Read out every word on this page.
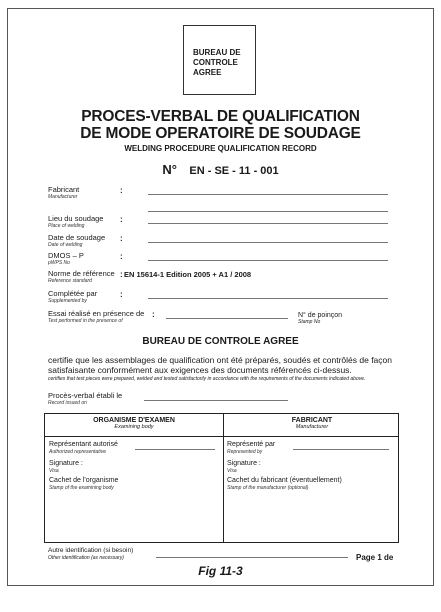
BUREAU DE
CONTROLE
AGREE
PROCES-VERBAL DE QUALIFICATION
DE MODE OPERATOIRE DE SOUDAGE
WELDING PROCEDURE QUALIFICATION RECORD
N° EN - SE - 11 - 001
Fabricant
Manufacturer
:
Lieu du soudage
Place of welding
:
Date de soudage
Date of welding
:
DMOS – P
pWPS No
:
Norme de référence
Reference standard
: EN 15614-1 Edition 2005 + A1 / 2008
Complétée par
Supplemented by
:
Essai réalisé en présence de
Test performed in the presence of
:	N° de poinçon
Stamp No
BUREAU DE CONTROLE AGREE
certifie que les assemblages de qualification ont été préparés, soudés et contrôlés de façon satisfaisante conformément aux exigences des documents référencés ci-dessus.
certifies that test pieces were prepared, welded and tested satisfactorily in accordance with the requirements of the documents indicated above.
Procès-verbal établi le
Record issued on
ORGANISME D'EXAMEN
Examining body
FABRICANT
Manufacturer
Représentant autorisé
Authorized representative
Signature :
Visa
Cachet de l'organisme
Stamp of the examining body
Représenté par
Represented by
Signature :
Visa
Cachet du fabricant (éventuellement)
Stamp of the manufacturer (optional)
Autre identification (si besoin)
Other identification (as necessary)	Page 1 de
Fig 11-3
